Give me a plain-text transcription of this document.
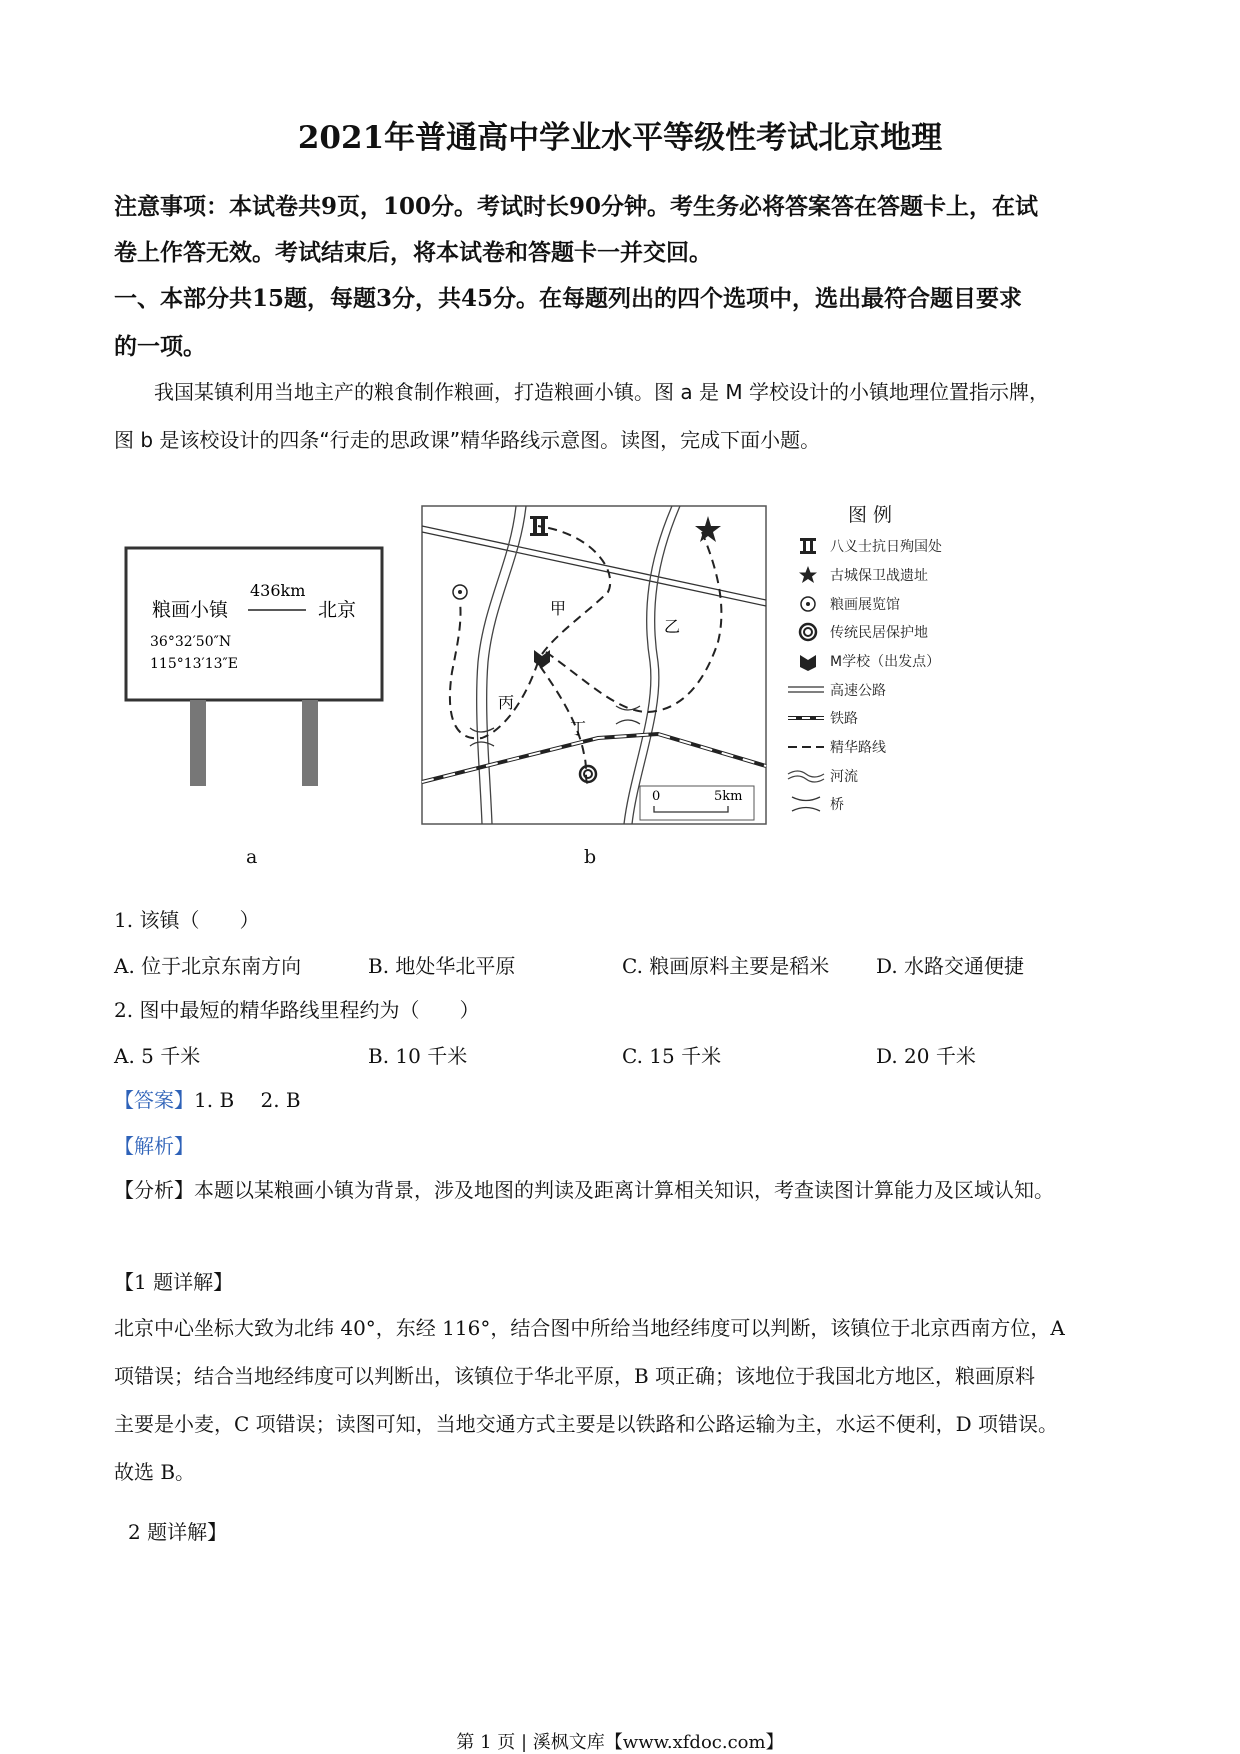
2021年普通高中学业水平等级性考试北京地理
注意事项：本试卷共9页，100分。考试时长90分钟。考生务必将答案答在答题卡上，在试
卷上作答无效。考试结束后，将本试卷和答题卡一并交回。
一、本部分共15题，每题3分，共45分。在每题列出的四个选项中，选出最符合题目要求
的一项。
我国某镇利用当地主产的粮食制作粮画，打造粮画小镇。图 a 是 M 学校设计的小镇地理位置指示牌，
图 b 是该校设计的四条“行走的思政课”精华路线示意图。读图，完成下面小题。
436km
粮画小镇	北京
36°32′50″N
115°13′13″E
a
甲
乙
丙
丁
0	5km
b
图 例
八义士抗日殉国处
古城保卫战遗址
粮画展览馆
传统民居保护地
M学校（出发点）
高速公路
铁路
精华路线
河流
桥
1. 该镇（　　）
A. 位于北京东南方向	B. 地处华北平原	C. 粮画原料主要是稻米 D. 水路交通便捷
2. 图中最短的精华路线里程约为（　　）
A. 5 千米	B. 10 千米	C. 15 千米	D. 20 千米
【答案】1. B　 2. B
【解析】
【分析】本题以某粮画小镇为背景，涉及地图的判读及距离计算相关知识，考查读图计算能力及区域认知。
【1 题详解】
北京中心坐标大致为北纬 40°，东经 116°，结合图中所给当地经纬度可以判断，该镇位于北京西南方位，A
项错误；结合当地经纬度可以判断出，该镇位于华北平原，B 项正确；该地位于我国北方地区，粮画原料
主要是小麦，C 项错误；读图可知，当地交通方式主要是以铁路和公路运输为主，水运不便利，D 项错误。
故选 B。
2 题详解】
第 1 页 | 溪枫文库【www.xfdoc.com】
